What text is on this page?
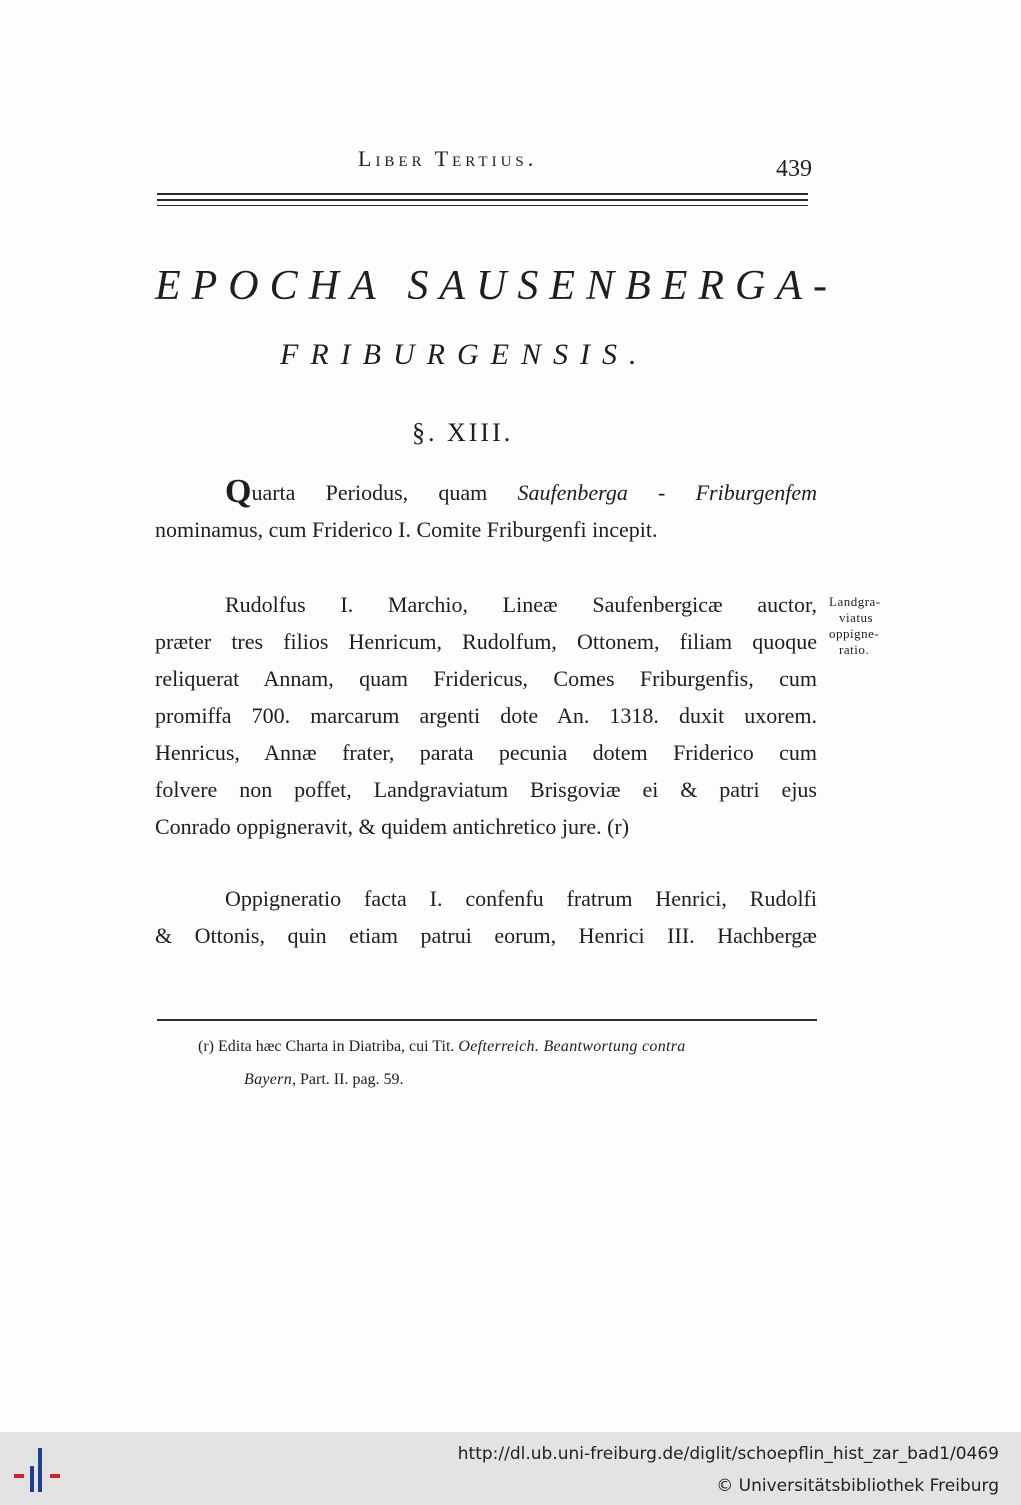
Liber Tertius.	439
EPOCHA SAUSENBERGA-
FRIBURGENSIS.
§. XIII.
Quarta Periodus, quam Saufenberga - Friburgenfem
nominamus, cum Friderico I. Comite Friburgenfi incepit.
Rudolfus I. Marchio, Lineæ Saufenbergicæ auctor,
præter tres filios Henricum, Rudolfum, Ottonem, filiam quoque
reliquerat Annam, quam Fridericus, Comes Friburgenfis, cum
promiffa 700. marcarum argenti dote An. 1318. duxit uxorem.
Henricus, Annæ frater, parata pecunia dotem Friderico cum
folvere non poffet, Landgraviatum Brisgoviæ ei & patri ejus
Conrado oppigneravit, & quidem antichretico jure. (r)
Landgra-
viatus
oppigne-
ratio.
Oppigneratio facta I. confenfu fratrum Henrici, Rudolfi
& Ottonis, quin etiam patrui eorum, Henrici III. Hachbergæ
(r) Edita hæc Charta in Diatriba, cui Tit. Oefterreich. Beantwortung contra
Bayern, Part. II. pag. 59.
http://dl.ub.uni-freiburg.de/diglit/schoepflin_hist_zar_bad1/0469
© Universitätsbibliothek Freiburg
